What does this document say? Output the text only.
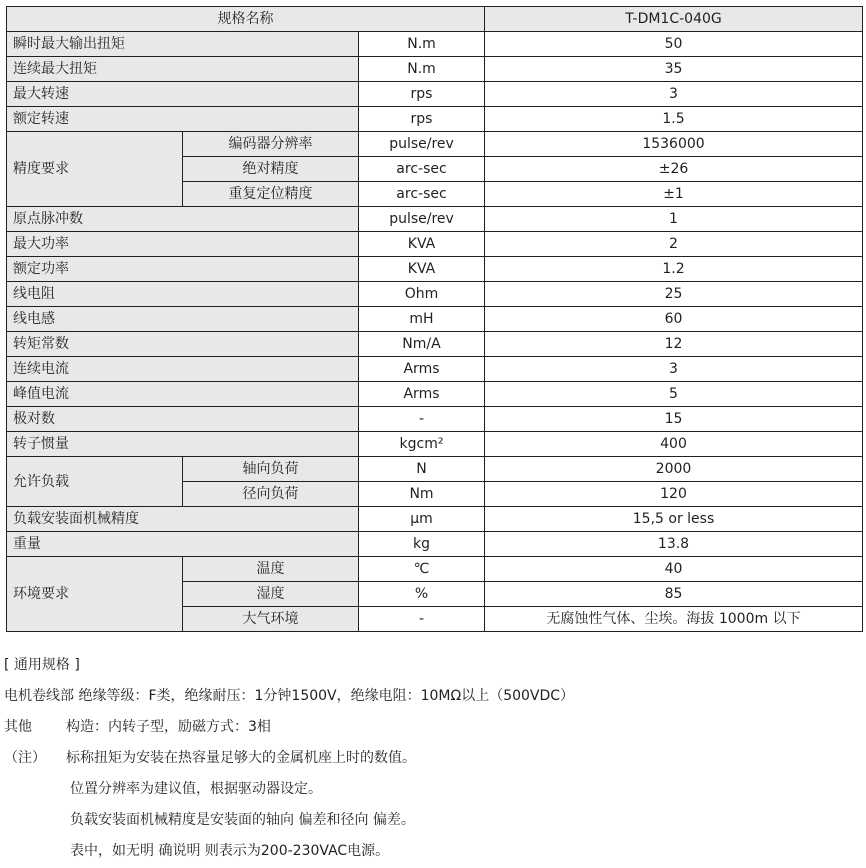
规格名称			T-DM1C-040G
瞬时最大输出扭矩		N.m	50
连续最大扭矩		N.m	35
最大转速		rps	3
额定转速		rps	1.5
精度要求	编码器分辨率	pulse/rev	1536000
	绝对精度	arc-sec	±26
	重复定位精度	arc-sec	±1
原点脉冲数		pulse/rev	1
最大功率		KVA	2
额定功率		KVA	1.2
线电阻		Ohm	25
线电感		mH	60
转矩常数		Nm/A	12
连续电流		Arms	3
峰值电流		Arms	5
极对数		-	15
转子惯量		kgcm²	400
允许负载	轴向负荷	N	2000
	径向负荷	Nm	120
负载安装面机械精度		μm	15,5 or less
重量		kg	13.8
环境要求	温度	℃	40
	湿度	%	85
	大气环境	-	无腐蚀性气体、尘埃。海拔 1000m 以下
[ 通用规格 ]
电机卷线部 绝缘等级：F类，绝缘耐压：1分钟1500V，绝缘电阻：10MΩ以上（500VDC）
其他 构造：内转子型，励磁方式：3相
（注） 标称扭矩为安装在热容量足够大的金属机座上时的数值。
位置分辨率为建议值，根据驱动器设定。
负载安装面机械精度是安装面的轴向 偏差和径向 偏差。
表中，如无明 确说明 则表示为200-230VAC电源。
